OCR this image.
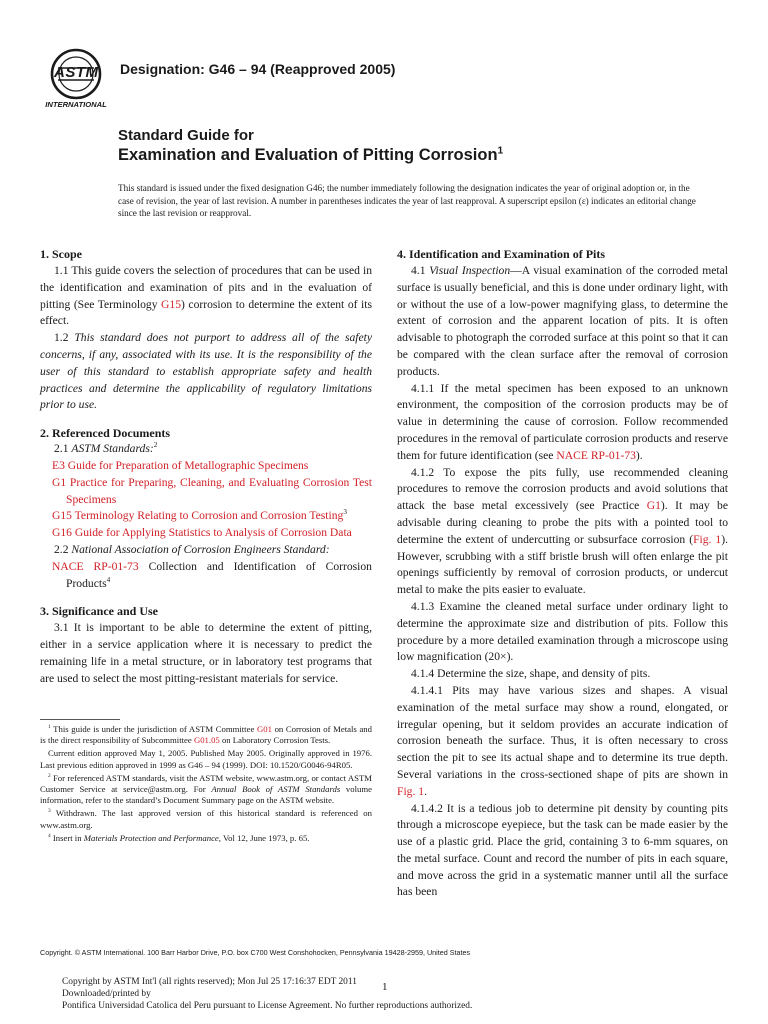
ASTM
INTERNATIONAL
Designation: G46 – 94 (Reapproved 2005)
Standard Guide for
Examination and Evaluation of Pitting Corrosion$^1$
This standard is issued under the fixed designation G46; the number immediately following the designation indicates the year of original adoption or, in the case of revision, the year of last revision. A number in parentheses indicates the year of last reapproval. A superscript epsilon (ε) indicates an editorial change since the last revision or reapproval.
1. Scope

1.1 This guide covers the selection of procedures that can be used in the identification and examination of pits and in the evaluation of pitting (See Terminology G15) corrosion to determine the extent of its effect.

1.2 This standard does not purport to address all of the safety concerns, if any, associated with its use. It is the responsibility of the user of this standard to establish appropriate safety and health practices and determine the applicability of regulatory limitations prior to use.

2. Referenced Documents

2.1 ASTM Standards:$^2$

E3 Guide for Preparation of Metallographic Specimens

G1 Practice for Preparing, Cleaning, and Evaluating Corrosion Test Specimens

G15 Terminology Relating to Corrosion and Corrosion Testing$^3$

G16 Guide for Applying Statistics to Analysis of Corrosion Data

2.2 National Association of Corrosion Engineers Standard:

NACE RP-01-73 Collection and Identification of Corrosion Products$^4$

3. Significance and Use

3.1 It is important to be able to determine the extent of pitting, either in a service application where it is necessary to predict the remaining life in a metal structure, or in laboratory test programs that are used to select the most pitting-resistant materials for service.

$^1$ This guide is under the jurisdiction of ASTM Committee G01 on Corrosion of Metals and is the direct responsibility of Subcommittee G01.05 on Laboratory Corrosion Tests.

Current edition approved May 1, 2005. Published May 2005. Originally approved in 1976. Last previous edition approved in 1999 as G46 – 94 (1999). DOI: 10.1520/G0046-94R05.

$^2$ For referenced ASTM standards, visit the ASTM website, www.astm.org, or contact ASTM Customer Service at service@astm.org. For Annual Book of ASTM Standards volume information, refer to the standard’s Document Summary page on the ASTM website.

$^3$ Withdrawn. The last approved version of this historical standard is referenced on www.astm.org.

$^4$ Insert in Materials Protection and Performance, Vol 12, June 1973, p. 65.

4. Identification and Examination of Pits

4.1 Visual Inspection—A visual examination of the corroded metal surface is usually beneficial, and this is done under ordinary light, with or without the use of a low-power magnifying glass, to determine the extent of corrosion and the apparent location of pits. It is often advisable to photograph the corroded surface at this point so that it can be compared with the clean surface after the removal of corrosion products.

4.1.1 If the metal specimen has been exposed to an unknown environment, the composition of the corrosion products may be of value in determining the cause of corrosion. Follow recommended procedures in the removal of particulate corrosion products and reserve them for future identification (see NACE RP-01-73).

4.1.2 To expose the pits fully, use recommended cleaning procedures to remove the corrosion products and avoid solutions that attack the base metal excessively (see Practice G1). It may be advisable during cleaning to probe the pits with a pointed tool to determine the extent of undercutting or subsurface corrosion (Fig. 1). However, scrubbing with a stiff bristle brush will often enlarge the pit openings sufficiently by removal of corrosion products, or undercut metal to make the pits easier to evaluate.

4.1.3 Examine the cleaned metal surface under ordinary light to determine the approximate size and distribution of pits. Follow this procedure by a more detailed examination through a microscope using low magnification (20×).

4.1.4 Determine the size, shape, and density of pits.

4.1.4.1 Pits may have various sizes and shapes. A visual examination of the metal surface may show a round, elongated, or irregular opening, but it seldom provides an accurate indication of corrosion beneath the surface. Thus, it is often necessary to cross section the pit to see its actual shape and to determine its true depth. Several variations in the cross-sectioned shape of pits are shown in Fig. 1.

4.1.4.2 It is a tedious job to determine pit density by counting pits through a microscope eyepiece, but the task can be made easier by the use of a plastic grid. Place the grid, containing 3 to 6-mm squares, on the metal surface. Count and record the number of pits in each square, and move across the grid in a systematic manner until all the surface has been

Copyright. © ASTM International. 100 Barr Harbor Drive, P.O. box C700 West Conshohocken, Pennsylvania 19428-2959, United States
Copyright by ASTM Int'l (all rights reserved); Mon Jul 25 17:16:37 EDT 2011
Downloaded/printed by
Pontifica Universidad Catolica del Peru pursuant to License Agreement. No further reproductions authorized.
1
